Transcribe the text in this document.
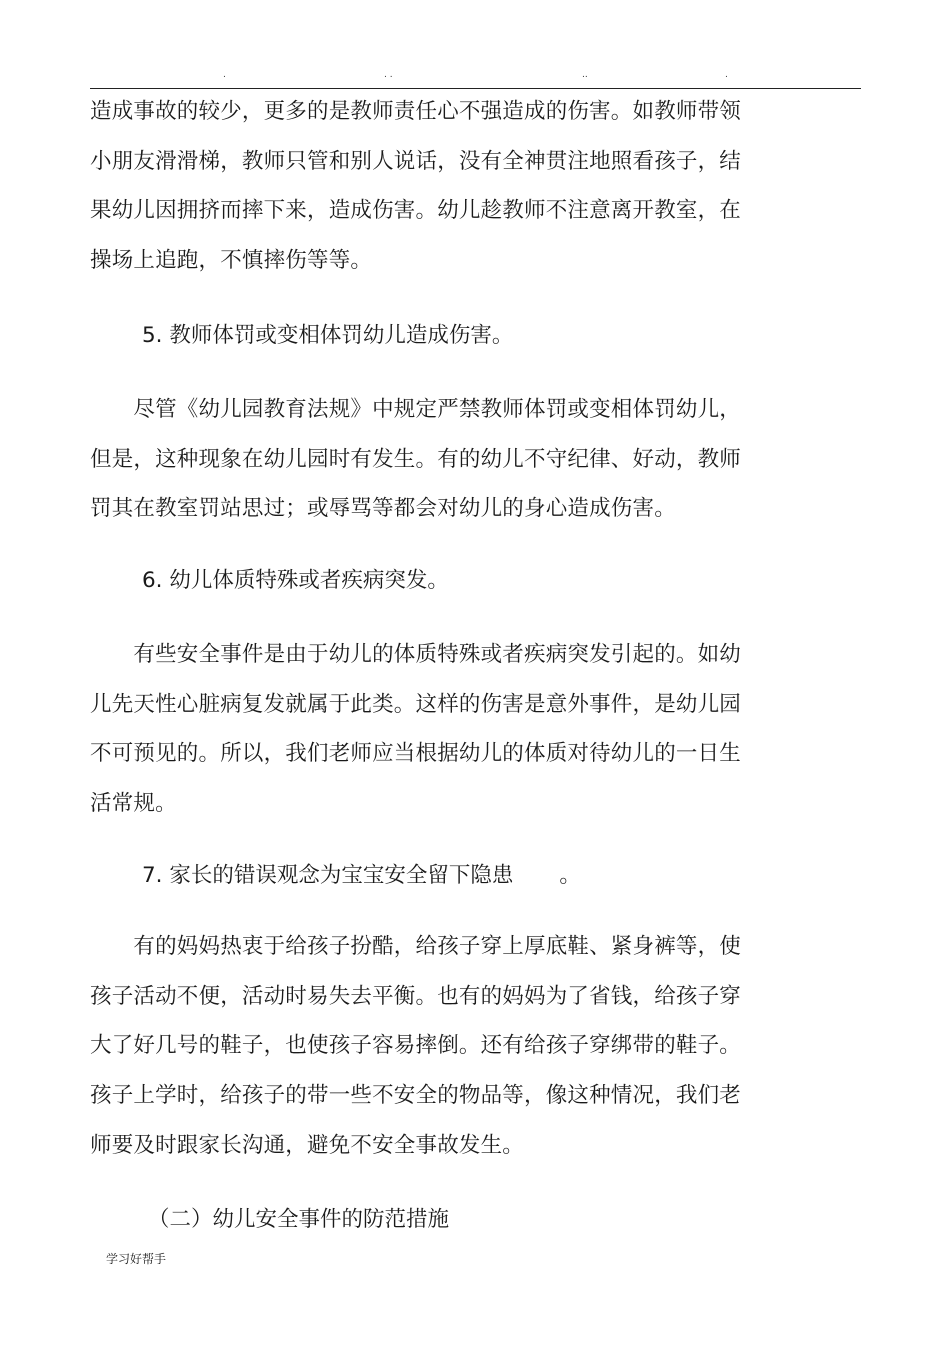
.	. .	..	.
造成事故的较少，更多的是教师责任心不强造成的伤害。如教师带领
小朋友滑滑梯，教师只管和别人说话，没有全神贯注地照看孩子，结
果幼儿因拥挤而摔下来，造成伤害。幼儿趁教师不注意离开教室，在
操场上追跑，不慎摔伤等等。
5. 教师体罚或变相体罚幼儿造成伤害。
　　尽管《幼儿园教育法规》中规定严禁教师体罚或变相体罚幼儿，
但是，这种现象在幼儿园时有发生。有的幼儿不守纪律、好动，教师
罚其在教室罚站思过；或辱骂等都会对幼儿的身心造成伤害。
6. 幼儿体质特殊或者疾病突发。
　　有些安全事件是由于幼儿的体质特殊或者疾病突发引起的。如幼
儿先天性心脏病复发就属于此类。这样的伤害是意外事件，是幼儿园
不可预见的。所以，我们老师应当根据幼儿的体质对待幼儿的一日生
活常规。
7. 家长的错误观念为宝宝安全留下隐患 。
　　有的妈妈热衷于给孩子扮酷，给孩子穿上厚底鞋、紧身裤等，使
孩子活动不便，活动时易失去平衡。也有的妈妈为了省钱，给孩子穿
大了好几号的鞋子，也使孩子容易摔倒。还有给孩子穿绑带的鞋子。
孩子上学时，给孩子的带一些不安全的物品等，像这种情况，我们老
师要及时跟家长沟通，避免不安全事故发生。
（二）幼儿安全事件的防范措施
学习好帮手
